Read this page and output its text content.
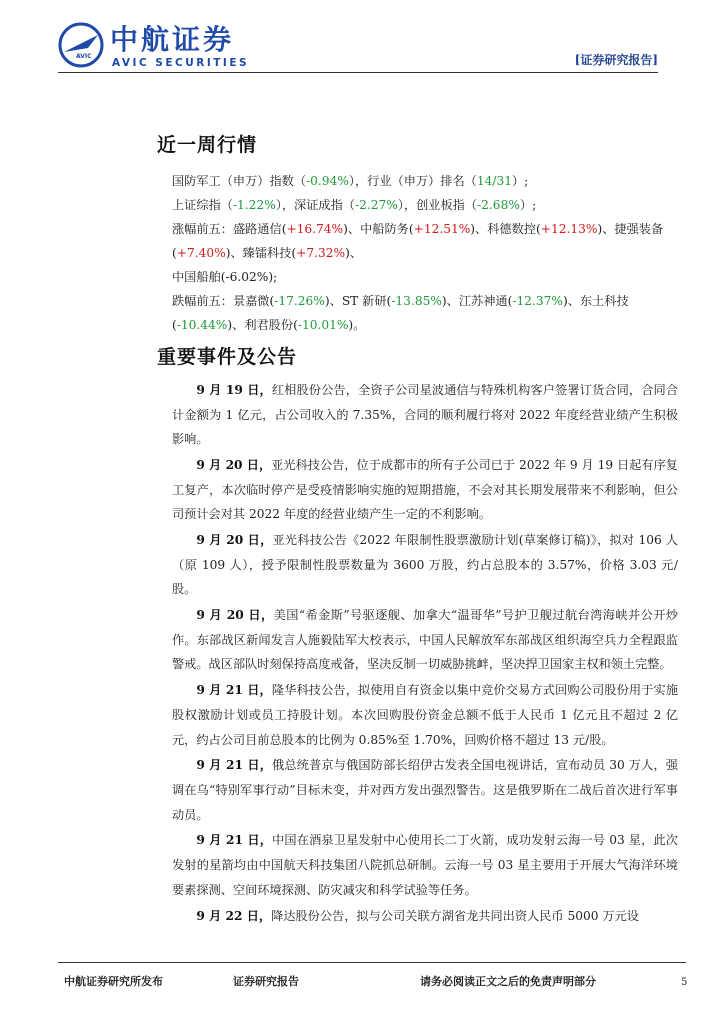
AVIC
中航证券
AVIC SECURITIES	[证券研究报告]
近一周行情

国防军工（申万）指数（-0.94%），行业（申万）排名（14/31）;

上证综指（-1.22%），深证成指（-2.27%），创业板指（-2.68%）;

涨幅前五：盛路通信(+16.74%)、中船防务(+12.51%)、科德数控(+12.13%)、捷强装备(+7.40%)、臻镭科技(+7.32%)、

中国船舶(-6.02%);

跌幅前五：景嘉微(-17.26%)、ST 新研(-13.85%)、江苏神通(-12.37%)、东土科技(-10.44%)、利君股份(-10.01%)。

重要事件及公告

9 月 19 日，红相股份公告，全资子公司星波通信与特殊机构客户签署订货合同，合同合计金额为 1 亿元，占公司收入的 7.35%，合同的顺利履行将对 2022 年度经营业绩产生积极影响。

9 月 20 日，亚光科技公告，位于成都市的所有子公司已于 2022 年 9 月 19 日起有序复工复产，本次临时停产是受疫情影响实施的短期措施，不会对其长期发展带来不利影响，但公司预计会对其 2022 年度的经营业绩产生一定的不利影响。

9 月 20 日，亚光科技公告《2022 年限制性股票激励计划(草案修订稿)》，拟对 106 人（原 109 人），授予限制性股票数量为 3600 万股，约占总股本的 3.57%，价格 3.03 元/股。

9 月 20 日，美国“希金斯”号驱逐舰、加拿大“温哥华”号护卫舰过航台湾海峡并公开炒作。东部战区新闻发言人施毅陆军大校表示，中国人民解放军东部战区组织海空兵力全程跟监警戒。战区部队时刻保持高度戒备，坚决反制一切威胁挑衅，坚决捍卫国家主权和领土完整。

9 月 21 日，隆华科技公告，拟使用自有资金以集中竞价交易方式回购公司股份用于实施股权激励计划或员工持股计划。本次回购股份资金总额不低于人民币 1 亿元且不超过 2 亿元，约占公司目前总股本的比例为 0.85%至 1.70%，回购价格不超过 13 元/股。

9 月 21 日，俄总统普京与俄国防部长绍伊古发表全国电视讲话，宣布动员 30 万人，强调在乌“特别军事行动”目标未变，并对西方发出强烈警告。这是俄罗斯在二战后首次进行军事动员。

9 月 21 日，中国在酒泉卫星发射中心使用长二丁火箭，成功发射云海一号 03 星，此次发射的星箭均由中国航天科技集团八院抓总研制。云海一号 03 星主要用于开展大气海洋环境要素探测、空间环境探测、防灾减灾和科学试验等任务。

9 月 22 日，降达股份公告，拟与公司关联方湖省龙共同出资人民币 5000 万元设

中航证券研究所发布	证券研究报告	请务必阅读正文之后的免责声明部分	5
